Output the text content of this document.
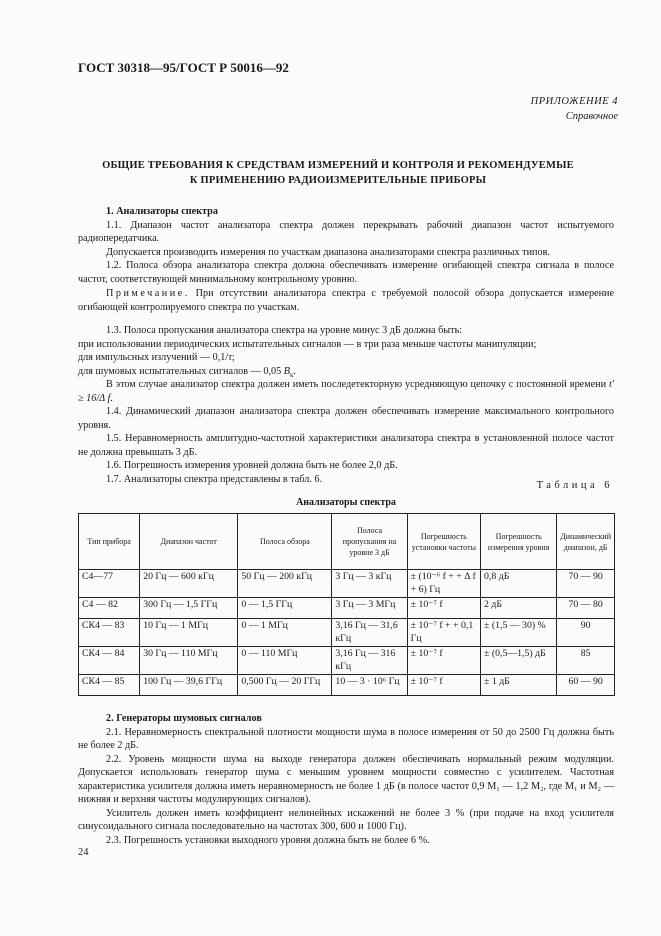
ГОСТ 30318—95/ГОСТ Р 50016—92
ПРИЛОЖЕНИЕ 4
Справочное
ОБЩИЕ ТРЕБОВАНИЯ К СРЕДСТВАМ ИЗМЕРЕНИЙ И КОНТРОЛЯ И РЕКОМЕНДУЕМЫЕ
К ПРИМЕНЕНИЮ РАДИОИЗМЕРИТЕЛЬНЫЕ ПРИБОРЫ

1. Анализаторы спектра

1.1. Диапазон частот анализатора спектра должен перекрывать рабочий диапазон частот испытуемого радиопередатчика.

Допускается производить измерения по участкам диапазона анализаторами спектра различных типов.

1.2. Полоса обзора анализатора спектра должна обеспечивать измерение огибающей спектра сигнала в полосе частот, соответствующей минимальному контрольному уровню.

Примечание. При отсутствии анализатора спектра с требуемой полосой обзора допускается измерение огибающей контролируемого спектра по участкам.

1.3. Полоса пропускания анализатора спектра на уровне минус 3 дБ должна быть:

при использовании периодических испытательных сигналов — в три раза меньше частоты манипуляции;

для импульсных излучений — 0,1/τ;

для шумовых испытательных сигналов — 0,05 $B_к$.

В этом случае анализатор спектра должен иметь последетекторную усредняющую цепочку с постоянной времени t' ≥ 16/Δ f.

1.4. Динамический диапазон анализатора спектра должен обеспечивать измерение максимального контрольного уровня.

1.5. Неравномерность амплитудно-частотной характеристики анализатора спектра в установленной полосе частот не должна превышать 3 дБ.

1.6. Погрешность измерения уровней должна быть не более 2,0 дБ.

1.7. Анализаторы спектра представлены в табл. 6.

Таблица 6
Анализаторы спектра
Тип прибора	Диапазон частот	Полоса обзора	Полоса пропускания на уровне 3 дБ	Погрешность установки частоты	Погрешность измерения уровня	Динамический диапазон, дБ
С4—77	20 Гц — 600 кГц	50 Гц — 200 кГц	3 Гц — 3 кГц	± (10⁻⁶ f + + Δ f + 6) Гц	0,8 дБ	70 — 90
С4 — 82	300 Гц — 1,5 ГГц	0 — 1,5 ГГц	3 Гц — 3 МГц	± 10⁻⁷ f	2 дБ	70 — 80
СК4 — 83	10 Гц — 1 МГц	0 — 1 МГц	3,16 Гц — 31,6 кГц	± 10⁻⁷ f + + 0,1 Гц	± (1,5 — 30) %	90
СК4 — 84	30 Гц — 110 МГц	0 — 110 МГц	3,16 Гц — 316 кГц	± 10⁻⁷ f	± (0,5—1,5) дБ	85
СК4 — 85	100 Гц — 39,6 ГГц	0,500 Гц — 20 ГГц	10 — 3 · 10⁶ Гц	± 10⁻⁷ f	± 1 дБ	60 — 90

2. Генераторы шумовых сигналов

2.1. Неравномерность спектральной плотности мощности шума в полосе измерения от 50 до 2500 Гц должна быть не более 2 дБ.

2.2. Уровень мощности шума на выходе генератора должен обеспечивать нормальный режим модуляции. Допускается использовать генератор шума с меньшим уровнем мощности совместно с усилителем. Частотная характеристика усилителя должна иметь неравномерность не более 1 дБ (в полосе частот 0,9 M₁ — 1,2 M₂, где M₁ и M₂ — нижняя и верхняя частоты модулирующих сигналов).

Усилитель должен иметь коэффициент нелинейных искажений не более 3 % (при подаче на вход усилителя синусоидального сигнала последовательно на частотах 300, 600 и 1000 Гц).

2.3. Погрешность установки выходного уровня должна быть не более 6 %.

24
